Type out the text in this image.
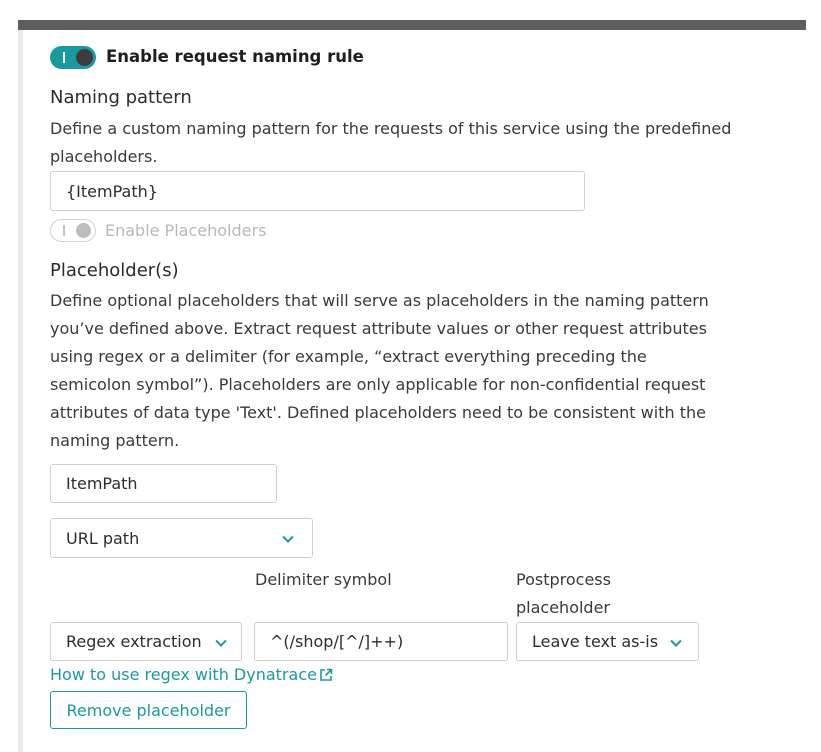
Enable request naming rule
Naming pattern
Define a custom naming pattern for the requests of this service using the predefined placeholders.
{ItemPath}
Enable Placeholders
Placeholder(s)
Define optional placeholders that will serve as placeholders in the naming pattern you’ve defined above. Extract request attribute values or other request attributes using regex or a delimiter (for example, “extract everything preceding the semicolon symbol”). Placeholders are only applicable for non-confidential request attributes of data type 'Text'. Defined placeholders need to be consistent with the naming pattern.
ItemPath
URL path
Delimiter symbol	Postprocess placeholder
Regex extraction
^(/shop/[^/]++)	Leave text as-is
How to use regex with Dynatrace
Remove placeholder
